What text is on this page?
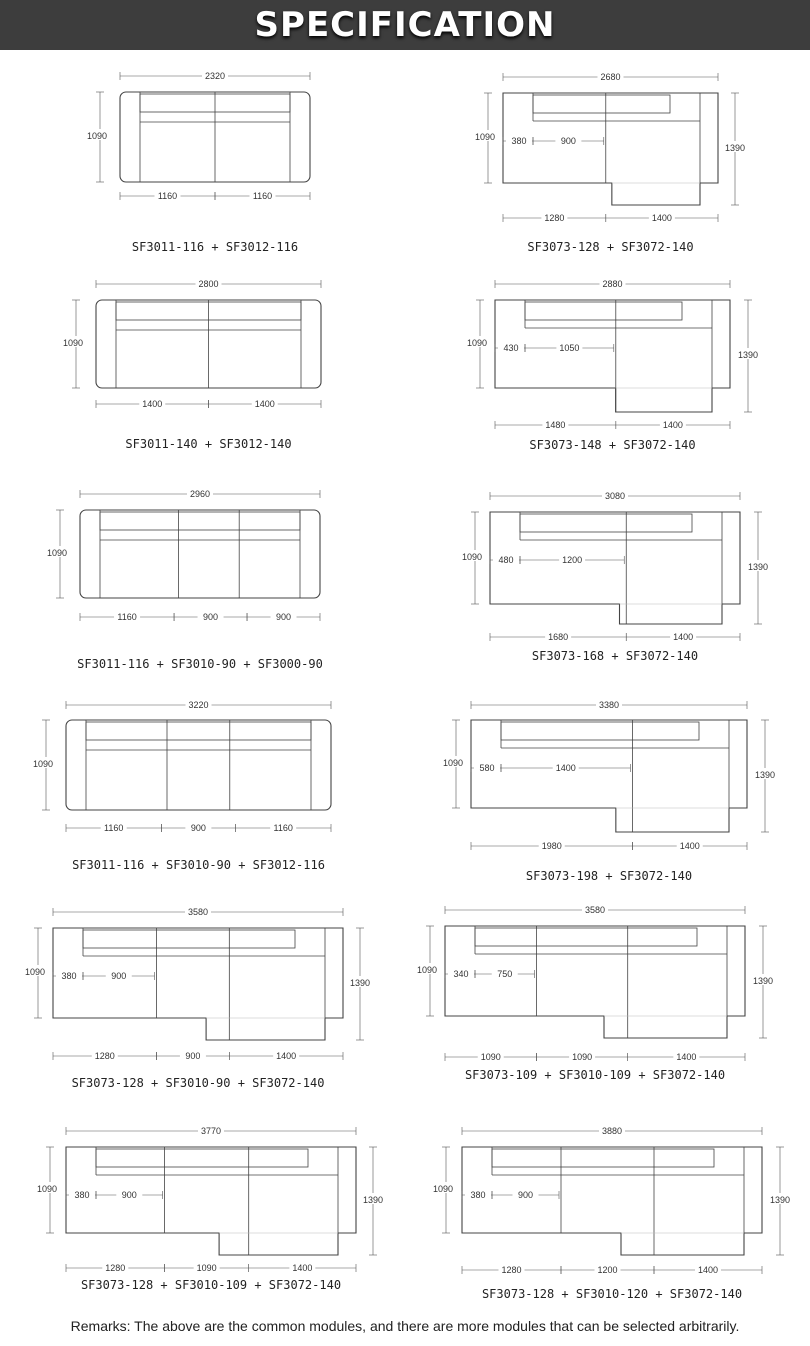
SPECIFICATION
2320
1090
1160	1160
SF3011-116 + SF3012-116
380	900
1390
2680
1090
1280	1400
SF3073-128 + SF3072-140
2800
1090
1400	1400
SF3011-140 + SF3012-140
430	1050
1390
2880
1090
1480	1400
SF3073-148 + SF3072-140
2960
1090
1160	900	900
SF3011-116 + SF3010-90 + SF3000-90
480	1200
1390
3080
1090
1680	1400
SF3073-168 + SF3072-140
3220
1090
1160	900	1160
SF3011-116 + SF3010-90 + SF3012-116
580	1400
1390
3380
1090
1980	1400
SF3073-198 + SF3072-140
380	900
1390
3580
1090
1280	900	1400
SF3073-128 + SF3010-90 + SF3072-140
340	750
1390
3580
1090
1090	1090	1400
SF3073-109 + SF3010-109 + SF3072-140
380	900	1390
3770
1090
1280	1090	1400
SF3073-128 + SF3010-109 + SF3072-140
380	900	1390
3880
1090
1280	1200	1400
SF3073-128 + SF3010-120 + SF3072-140
Remarks: The above are the common modules, and there are more modules that can be selected arbitrarily.
